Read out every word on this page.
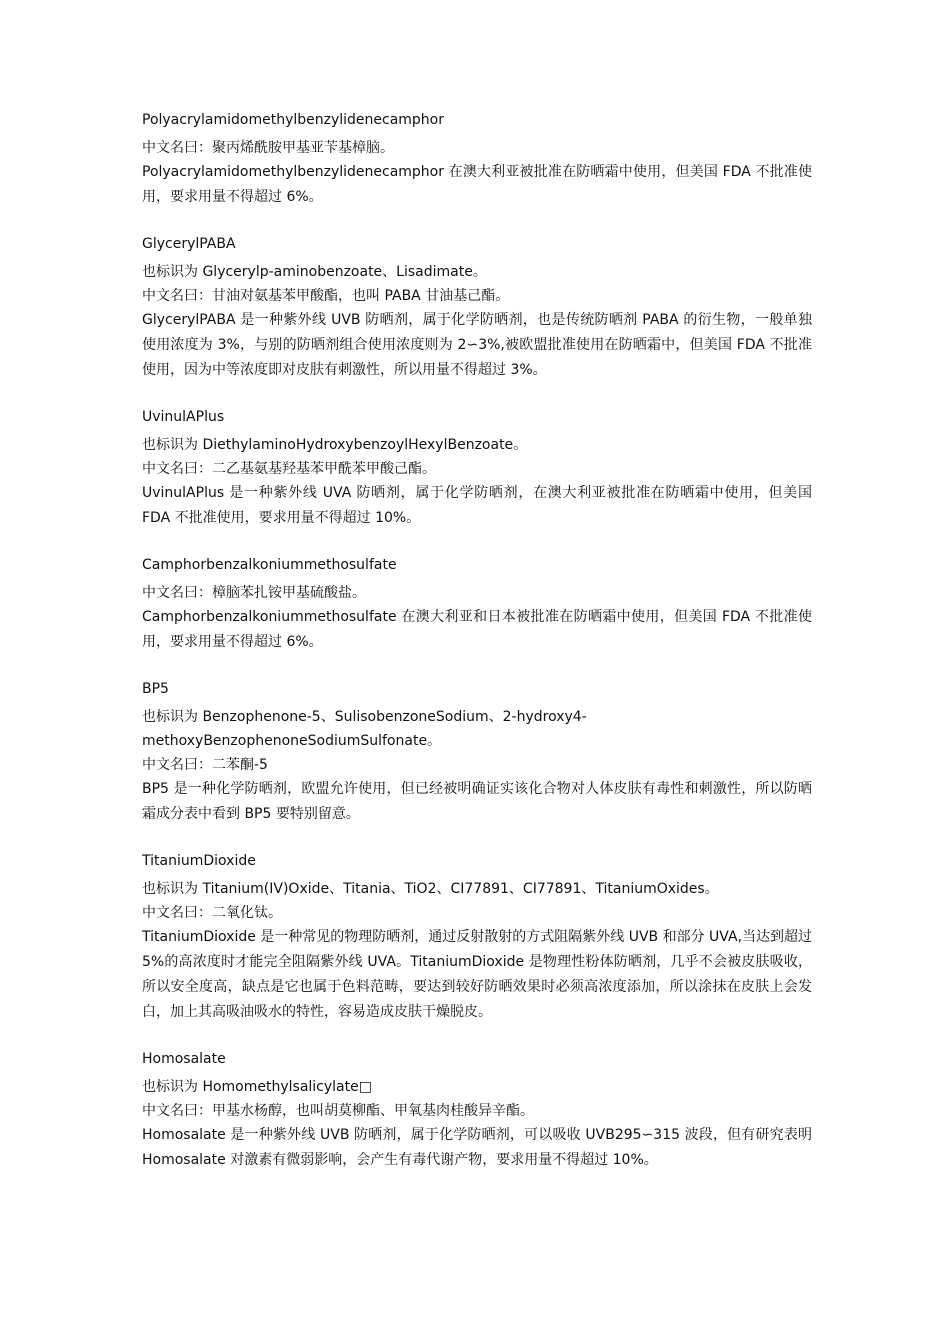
Polyacrylamidomethylbenzylidenecamphor

中文名曰：聚丙烯酰胺甲基亚苄基樟脑。

Polyacrylamidomethylbenzylidenecamphor 在澳大利亚被批准在防晒霜中使用，但美国 FDA 不批准使用，要求用量不得超过 6%。

GlycerylPABA

也标识为 Glycerylp-aminobenzoate、Lisadimate。

中文名曰：甘油对氨基苯甲酸酯，也叫 PABA 甘油基己酯。

GlycerylPABA 是一种紫外线 UVB 防晒剂，属于化学防晒剂，也是传统防晒剂 PABA 的衍生物，一般单独使用浓度为 3%，与别的防晒剂组合使用浓度则为 2∽3%,被欧盟批准使用在防晒霜中，但美国 FDA 不批准使用，因为中等浓度即对皮肤有刺激性，所以用量不得超过 3%。

UvinulAPlus

也标识为 DiethylaminoHydroxybenzoylHexylBenzoate。

中文名曰：二乙基氨基羟基苯甲酰苯甲酸己酯。

UvinulAPlus 是一种紫外线 UVA 防晒剂，属于化学防晒剂，在澳大利亚被批准在防晒霜中使用，但美国 FDA 不批准使用，要求用量不得超过 10%。

Camphorbenzalkoniummethosulfate

中文名曰：樟脑苯扎铵甲基硫酸盐。

Camphorbenzalkoniummethosulfate 在澳大利亚和日本被批准在防晒霜中使用，但美国 FDA 不批准使用，要求用量不得超过 6%。

BP5

也标识为 Benzophenone-5、SulisobenzoneSodium、2-hydroxy4-methoxyBenzophenoneSodiumSulfonate。

中文名曰：二苯酮-5

BP5 是一种化学防晒剂，欧盟允许使用，但已经被明确证实该化合物对人体皮肤有毒性和刺激性，所以防晒霜成分表中看到 BP5 要特别留意。

TitaniumDioxide

也标识为 Titanium(IV)Oxide、Titania、TiO2、CI77891、CI77891、TitaniumOxides。

中文名曰：二氧化钛。

TitaniumDioxide 是一种常见的物理防晒剂，通过反射散射的方式阻隔紫外线 UVB 和部分 UVA,当达到超过 5%的高浓度时才能完全阻隔紫外线 UVA。TitaniumDioxide 是物理性粉体防晒剂，几乎不会被皮肤吸收，所以安全度高，缺点是它也属于色料范畴，要达到较好防晒效果时必须高浓度添加，所以涂抹在皮肤上会发白，加上其高吸油吸水的特性，容易造成皮肤干燥脱皮。

Homosalate

也标识为 Homomethylsalicylate□

中文名曰：甲基水杨醇，也叫胡莫柳酯、甲氧基肉桂酸异辛酯。

Homosalate 是一种紫外线 UVB 防晒剂，属于化学防晒剂，可以吸收 UVB295∽315 波段，但有研究表明 Homosalate 对激素有微弱影响，会产生有毒代谢产物，要求用量不得超过 10%。
